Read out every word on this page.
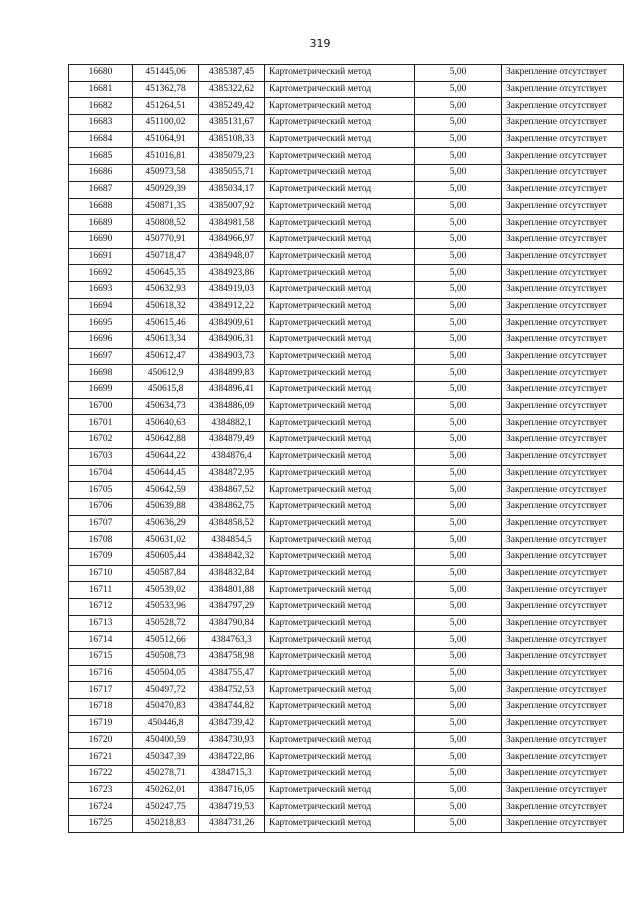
319
16680	451445,06	4385387,45	Картометрический метод	5,00	Закрепление отсутствует
16681	451362,78	4385322,62	Картометрический метод	5,00	Закрепление отсутствует
16682	451264,51	4385249,42	Картометрический метод	5,00	Закрепление отсутствует
16683	451100,02	4385131,67	Картометрический метод	5,00	Закрепление отсутствует
16684	451064,91	4385108,33	Картометрический метод	5,00	Закрепление отсутствует
16685	451016,81	4385079,23	Картометрический метод	5,00	Закрепление отсутствует
16686	450973,58	4385055,71	Картометрический метод	5,00	Закрепление отсутствует
16687	450929,39	4385034,17	Картометрический метод	5,00	Закрепление отсутствует
16688	450871,35	4385007,92	Картометрический метод	5,00	Закрепление отсутствует
16689	450808,52	4384981,58	Картометрический метод	5,00	Закрепление отсутствует
16690	450770,91	4384966,97	Картометрический метод	5,00	Закрепление отсутствует
16691	450718,47	4384948,07	Картометрический метод	5,00	Закрепление отсутствует
16692	450645,35	4384923,86	Картометрический метод	5,00	Закрепление отсутствует
16693	450632,93	4384919,03	Картометрический метод	5,00	Закрепление отсутствует
16694	450618,32	4384912,22	Картометрический метод	5,00	Закрепление отсутствует
16695	450615,46	4384909,61	Картометрический метод	5,00	Закрепление отсутствует
16696	450613,34	4384906,31	Картометрический метод	5,00	Закрепление отсутствует
16697	450612,47	4384903,73	Картометрический метод	5,00	Закрепление отсутствует
16698	450612,9	4384899,83	Картометрический метод	5,00	Закрепление отсутствует
16699	450615,8	4384896,41	Картометрический метод	5,00	Закрепление отсутствует
16700	450634,73	4384886,09	Картометрический метод	5,00	Закрепление отсутствует
16701	450640,63	4384882,1	Картометрический метод	5,00	Закрепление отсутствует
16702	450642,88	4384879,49	Картометрический метод	5,00	Закрепление отсутствует
16703	450644,22	4384876,4	Картометрический метод	5,00	Закрепление отсутствует
16704	450644,45	4384872,95	Картометрический метод	5,00	Закрепление отсутствует
16705	450642,59	4384867,52	Картометрический метод	5,00	Закрепление отсутствует
16706	450639,88	4384862,75	Картометрический метод	5,00	Закрепление отсутствует
16707	450636,29	4384858,52	Картометрический метод	5,00	Закрепление отсутствует
16708	450631,02	4384854,5	Картометрический метод	5,00	Закрепление отсутствует
16709	450605,44	4384842,32	Картометрический метод	5,00	Закрепление отсутствует
16710	450587,84	4384832,84	Картометрический метод	5,00	Закрепление отсутствует
16711	450539,02	4384801,88	Картометрический метод	5,00	Закрепление отсутствует
16712	450533,96	4384797,29	Картометрический метод	5,00	Закрепление отсутствует
16713	450528,72	4384790,84	Картометрический метод	5,00	Закрепление отсутствует
16714	450512,66	4384763,3	Картометрический метод	5,00	Закрепление отсутствует
16715	450508,73	4384758,98	Картометрический метод	5,00	Закрепление отсутствует
16716	450504,05	4384755,47	Картометрический метод	5,00	Закрепление отсутствует
16717	450497,72	4384752,53	Картометрический метод	5,00	Закрепление отсутствует
16718	450470,83	4384744,82	Картометрический метод	5,00	Закрепление отсутствует
16719	450446,8	4384739,42	Картометрический метод	5,00	Закрепление отсутствует
16720	450400,59	4384730,93	Картометрический метод	5,00	Закрепление отсутствует
16721	450347,39	4384722,86	Картометрический метод	5,00	Закрепление отсутствует
16722	450278,71	4384715,3	Картометрический метод	5,00	Закрепление отсутствует
16723	450262,01	4384716,05	Картометрический метод	5,00	Закрепление отсутствует
16724	450247,75	4384719,53	Картометрический метод	5,00	Закрепление отсутствует
16725	450218,83	4384731,26	Картометрический метод	5,00	Закрепление отсутствует
